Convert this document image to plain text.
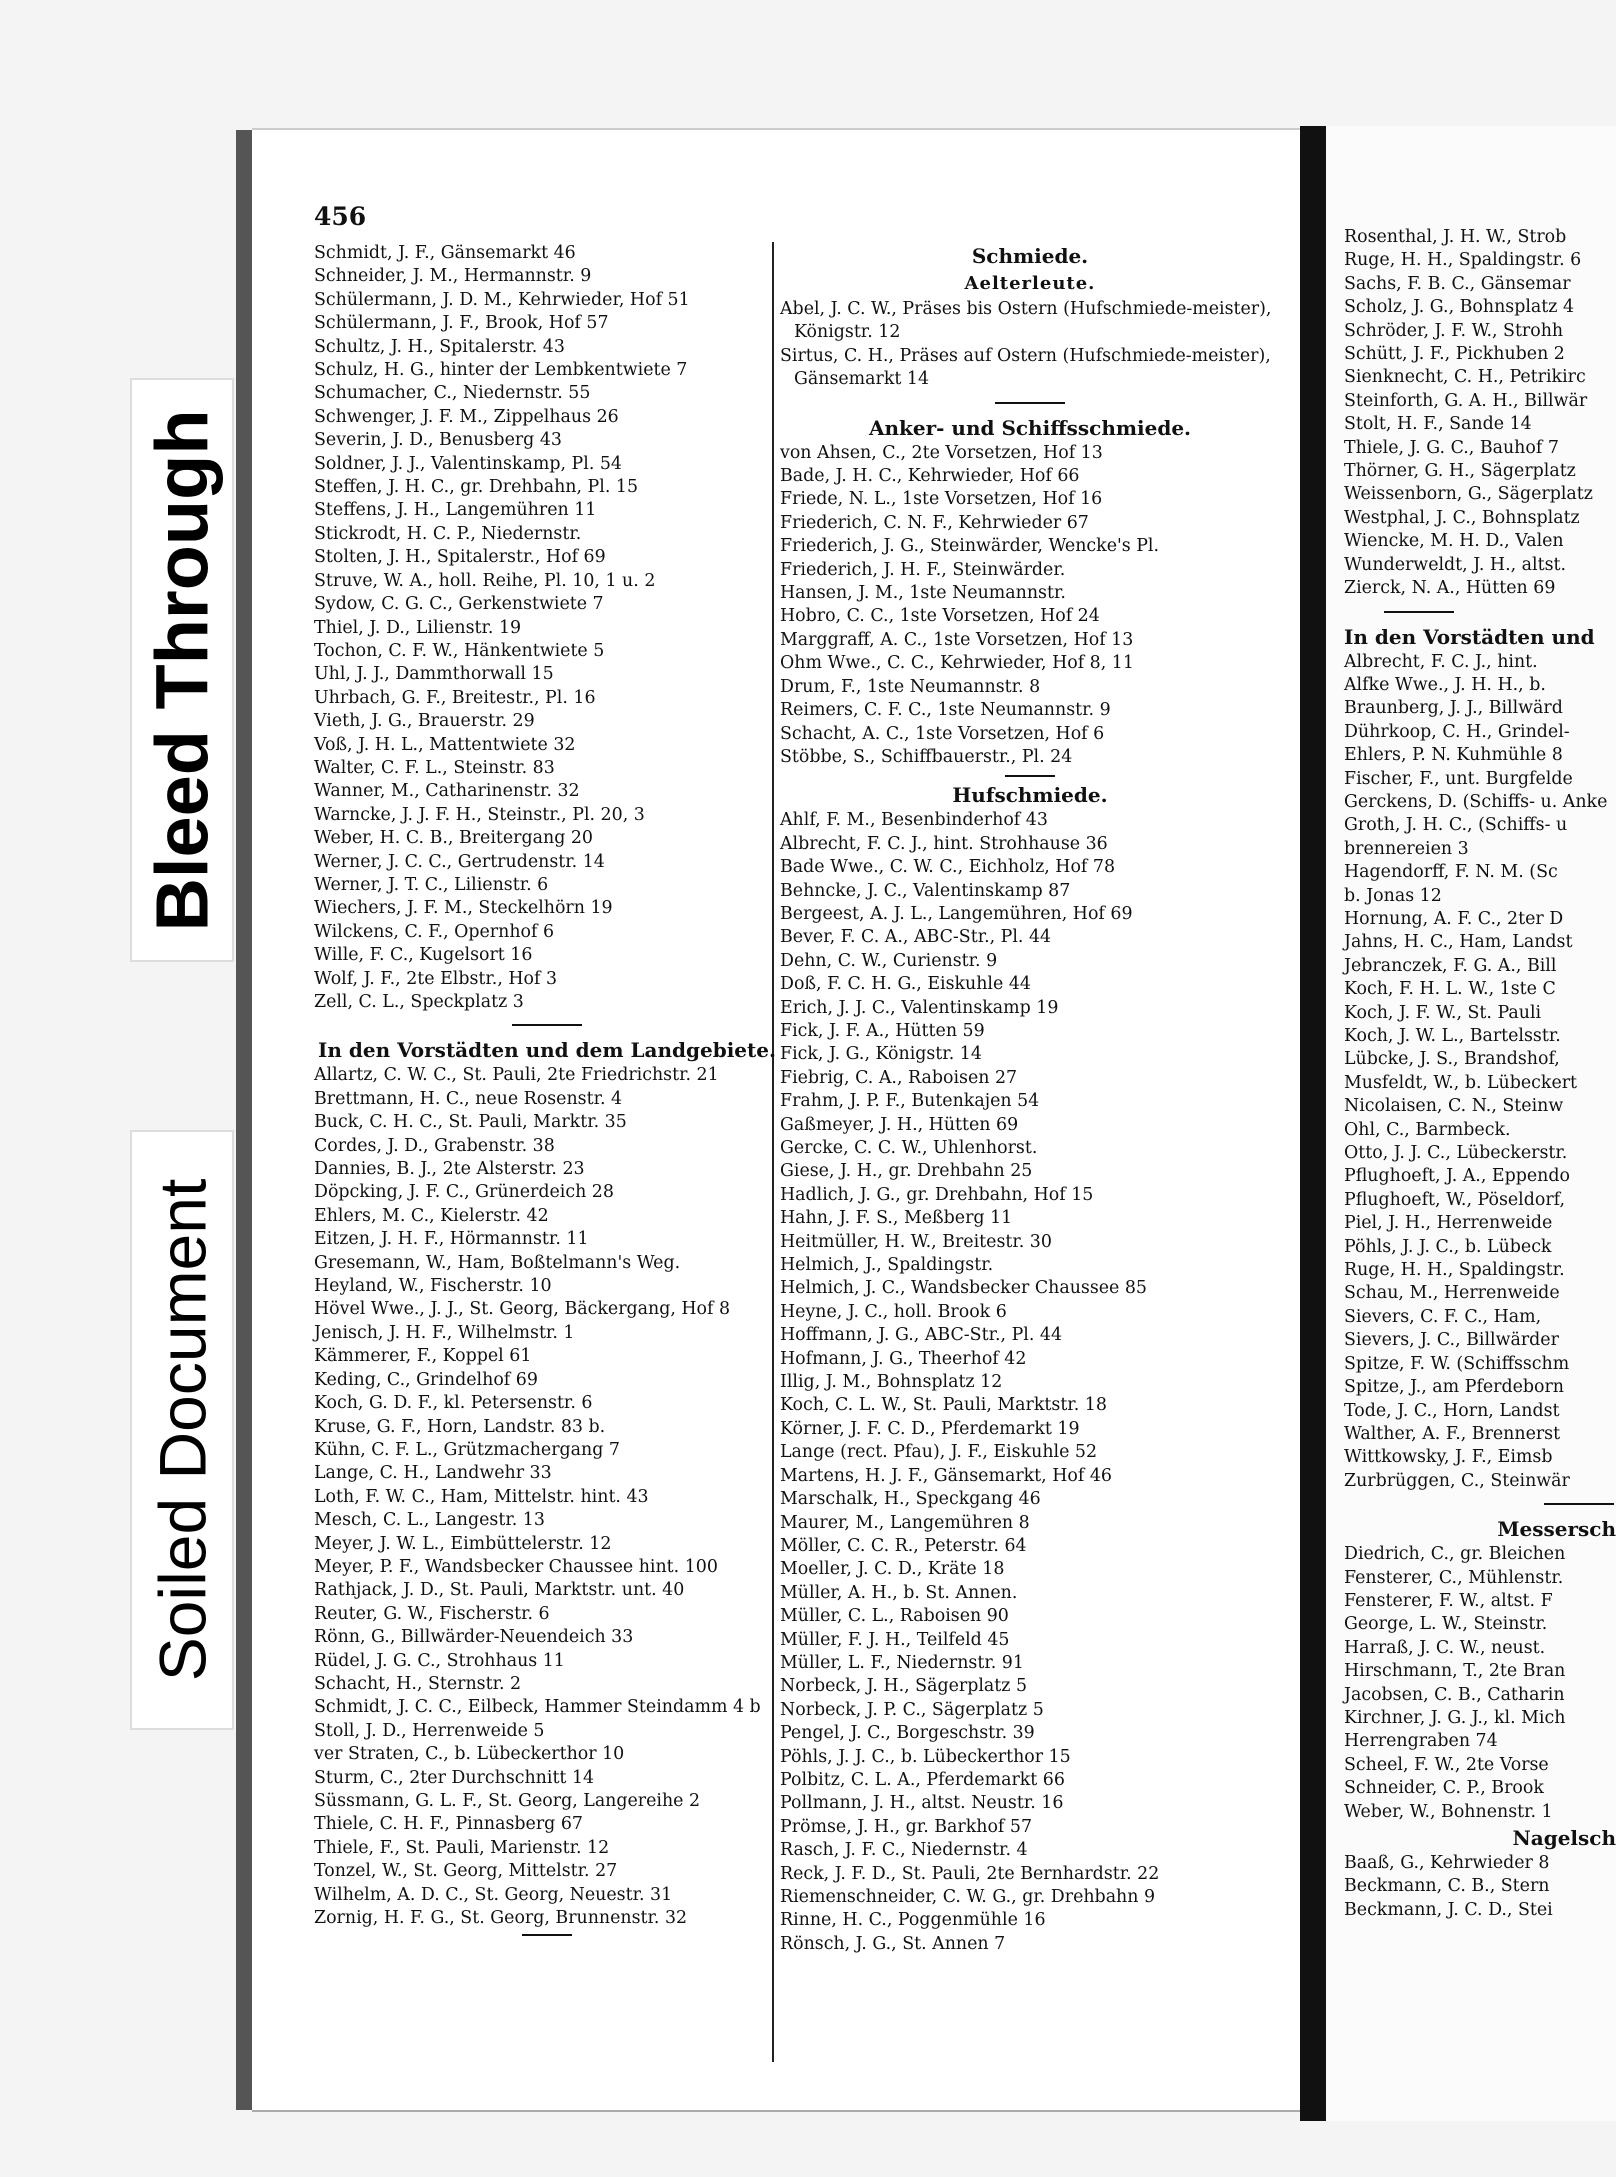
Bleed Through
Soiled Document
456
Schmidt, J. F., Gänsemarkt 46
Schneider, J. M., Hermannstr. 9
Schülermann, J. D. M., Kehrwieder, Hof 51
Schülermann, J. F., Brook, Hof 57
Schultz, J. H., Spitalerstr. 43
Schulz, H. G., hinter der Lembkentwiete 7
Schumacher, C., Niedernstr. 55
Schwenger, J. F. M., Zippelhaus 26
Severin, J. D., Benusberg 43
Soldner, J. J., Valentinskamp, Pl. 54
Steffen, J. H. C., gr. Drehbahn, Pl. 15
Steffens, J. H., Langemühren 11
Stickrodt, H. C. P., Niedernstr.
Stolten, J. H., Spitalerstr., Hof 69
Struve, W. A., holl. Reihe, Pl. 10, 1 u. 2
Sydow, C. G. C., Gerkenstwiete 7
Thiel, J. D., Lilienstr. 19
Tochon, C. F. W., Hänkentwiete 5
Uhl, J. J., Dammthorwall 15
Uhrbach, G. F., Breitestr., Pl. 16
Vieth, J. G., Brauerstr. 29
Voß, J. H. L., Mattentwiete 32
Walter, C. F. L., Steinstr. 83
Wanner, M., Catharinenstr. 32
Warncke, J. J. F. H., Steinstr., Pl. 20, 3
Weber, H. C. B., Breitergang 20
Werner, J. C. C., Gertrudenstr. 14
Werner, J. T. C., Lilienstr. 6
Wiechers, J. F. M., Steckelhörn 19
Wilckens, C. F., Opernhof 6
Wille, F. C., Kugelsort 16
Wolf, J. F., 2te Elbstr., Hof 3
Zell, C. L., Speckplatz 3
In den Vorstädten und dem Landgebiete.
Allartz, C. W. C., St. Pauli, 2te Friedrichstr. 21
Brettmann, H. C., neue Rosenstr. 4
Buck, C. H. C., St. Pauli, Marktr. 35
Cordes, J. D., Grabenstr. 38
Dannies, B. J., 2te Alsterstr. 23
Döpcking, J. F. C., Grünerdeich 28
Ehlers, M. C., Kielerstr. 42
Eitzen, J. H. F., Hörmannstr. 11
Gresemann, W., Ham, Boßtelmann's Weg.
Heyland, W., Fischerstr. 10
Hövel Wwe., J. J., St. Georg, Bäckergang, Hof 8
Jenisch, J. H. F., Wilhelmstr. 1
Kämmerer, F., Koppel 61
Keding, C., Grindelhof 69
Koch, G. D. F., kl. Petersenstr. 6
Kruse, G. F., Horn, Landstr. 83 b.
Kühn, C. F. L., Grützmachergang 7
Lange, C. H., Landwehr 33
Loth, F. W. C., Ham, Mittelstr. hint. 43
Mesch, C. L., Langestr. 13
Meyer, J. W. L., Eimbüttelerstr. 12
Meyer, P. F., Wandsbecker Chaussee hint. 100
Rathjack, J. D., St. Pauli, Marktstr. unt. 40
Reuter, G. W., Fischerstr. 6
Rönn, G., Billwärder-Neuendeich 33
Rüdel, J. G. C., Strohhaus 11
Schacht, H., Sternstr. 2
Schmidt, J. C. C., Eilbeck, Hammer Steindamm 4 b
Stoll, J. D., Herrenweide 5
ver Straten, C., b. Lübeckerthor 10
Sturm, C., 2ter Durchschnitt 14
Süssmann, G. L. F., St. Georg, Langereihe 2
Thiele, C. H. F., Pinnasberg 67
Thiele, F., St. Pauli, Marienstr. 12
Tonzel, W., St. Georg, Mittelstr. 27
Wilhelm, A. D. C., St. Georg, Neuestr. 31
Zornig, H. F. G., St. Georg, Brunnenstr. 32
Schmiede.
Aelterleute.
Abel, J. C. W., Präses bis Ostern (Hufschmiede-meister), Königstr. 12
Sirtus, C. H., Präses auf Ostern (Hufschmiede-meister), Gänsemarkt 14
Anker- und Schiffsschmiede.
von Ahsen, C., 2te Vorsetzen, Hof 13
Bade, J. H. C., Kehrwieder, Hof 66
Friede, N. L., 1ste Vorsetzen, Hof 16
Friederich, C. N. F., Kehrwieder 67
Friederich, J. G., Steinwärder, Wencke's Pl.
Friederich, J. H. F., Steinwärder.
Hansen, J. M., 1ste Neumannstr.
Hobro, C. C., 1ste Vorsetzen, Hof 24
Marggraff, A. C., 1ste Vorsetzen, Hof 13
Ohm Wwe., C. C., Kehrwieder, Hof 8, 11
Drum, F., 1ste Neumannstr. 8
Reimers, C. F. C., 1ste Neumannstr. 9
Schacht, A. C., 1ste Vorsetzen, Hof 6
Stöbbe, S., Schiffbauerstr., Pl. 24
Hufschmiede.
Ahlf, F. M., Besenbinderhof 43
Albrecht, F. C. J., hint. Strohhause 36
Bade Wwe., C. W. C., Eichholz, Hof 78
Behncke, J. C., Valentinskamp 87
Bergeest, A. J. L., Langemühren, Hof 69
Bever, F. C. A., ABC-Str., Pl. 44
Dehn, C. W., Curienstr. 9
Doß, F. C. H. G., Eiskuhle 44
Erich, J. J. C., Valentinskamp 19
Fick, J. F. A., Hütten 59
Fick, J. G., Königstr. 14
Fiebrig, C. A., Raboisen 27
Frahm, J. P. F., Butenkajen 54
Gaßmeyer, J. H., Hütten 69
Gercke, C. C. W., Uhlenhorst.
Giese, J. H., gr. Drehbahn 25
Hadlich, J. G., gr. Drehbahn, Hof 15
Hahn, J. F. S., Meßberg 11
Heitmüller, H. W., Breitestr. 30
Helmich, J., Spaldingstr.
Helmich, J. C., Wandsbecker Chaussee 85
Heyne, J. C., holl. Brook 6
Hoffmann, J. G., ABC-Str., Pl. 44
Hofmann, J. G., Theerhof 42
Illig, J. M., Bohnsplatz 12
Koch, C. L. W., St. Pauli, Marktstr. 18
Körner, J. F. C. D., Pferdemarkt 19
Lange (rect. Pfau), J. F., Eiskuhle 52
Martens, H. J. F., Gänsemarkt, Hof 46
Marschalk, H., Speckgang 46
Maurer, M., Langemühren 8
Möller, C. C. R., Peterstr. 64
Moeller, J. C. D., Kräte 18
Müller, A. H., b. St. Annen.
Müller, C. L., Raboisen 90
Müller, F. J. H., Teilfeld 45
Müller, L. F., Niedernstr. 91
Norbeck, J. H., Sägerplatz 5
Norbeck, J. P. C., Sägerplatz 5
Pengel, J. C., Borgeschstr. 39
Pöhls, J. J. C., b. Lübeckerthor 15
Polbitz, C. L. A., Pferdemarkt 66
Pollmann, J. H., altst. Neustr. 16
Prömse, J. H., gr. Barkhof 57
Rasch, J. F. C., Niedernstr. 4
Reck, J. F. D., St. Pauli, 2te Bernhardstr. 22
Riemenschneider, C. W. G., gr. Drehbahn 9
Rinne, H. C., Poggenmühle 16
Rönsch, J. G., St. Annen 7
Rosenthal, J. H. W., Strob
Ruge, H. H., Spaldingstr. 6
Sachs, F. B. C., Gänsemar
Scholz, J. G., Bohnsplatz 4
Schröder, J. F. W., Strohh
Schütt, J. F., Pickhuben 2
Sienknecht, C. H., Petrikirc
Steinforth, G. A. H., Billwär
Stolt, H. F., Sande 14
Thiele, J. G. C., Bauhof 7
Thörner, G. H., Sägerplatz
Weissenborn, G., Sägerplatz
Westphal, J. C., Bohnsplatz
Wiencke, M. H. D., Valen
Wunderweldt, J. H., altst.
Zierck, N. A., Hütten 69
In den Vorstädten und
Albrecht, F. C. J., hint.
Alfke Wwe., J. H. H., b.
Braunberg, J. J., Billwärd
Dührkoop, C. H., Grindel-
Ehlers, P. N. Kuhmühle 8
Fischer, F., unt. Burgfelde
Gerckens, D. (Schiffs- u. Anke
Groth, J. H. C., (Schiffs- u
brennereien 3
Hagendorff, F. N. M. (Sc
b. Jonas 12
Hornung, A. F. C., 2ter D
Jahns, H. C., Ham, Landst
Jebranczek, F. G. A., Bill
Koch, F. H. L. W., 1ste C
Koch, J. F. W., St. Pauli
Koch, J. W. L., Bartelsstr.
Lübcke, J. S., Brandshof,
Musfeldt, W., b. Lübeckert
Nicolaisen, C. N., Steinw
Ohl, C., Barmbeck.
Otto, J. J. C., Lübeckerstr.
Pflughoeft, J. A., Eppendo
Pflughoeft, W., Pöseldorf,
Piel, J. H., Herrenweide
Pöhls, J. J. C., b. Lübeck
Ruge, H. H., Spaldingstr.
Schau, M., Herrenweide
Sievers, C. F. C., Ham,
Sievers, J. C., Billwärder
Spitze, F. W. (Schiffsschm
Spitze, J., am Pferdeborn
Tode, J. C., Horn, Landst
Walther, A. F., Brennerst
Wittkowsky, J. F., Eimsb
Zurbrüggen, C., Steinwär
Messersch
Diedrich, C., gr. Bleichen
Fensterer, C., Mühlenstr.
Fensterer, F. W., altst. F
George, L. W., Steinstr.
Harraß, J. C. W., neust.
Hirschmann, T., 2te Bran
Jacobsen, C. B., Catharin
Kirchner, J. G. J., kl. Mich
Herrengraben 74
Scheel, F. W., 2te Vorse
Schneider, C. P., Brook
Weber, W., Bohnenstr. 1
Nagelsch
Baaß, G., Kehrwieder 8
Beckmann, C. B., Stern
Beckmann, J. C. D., Stei
